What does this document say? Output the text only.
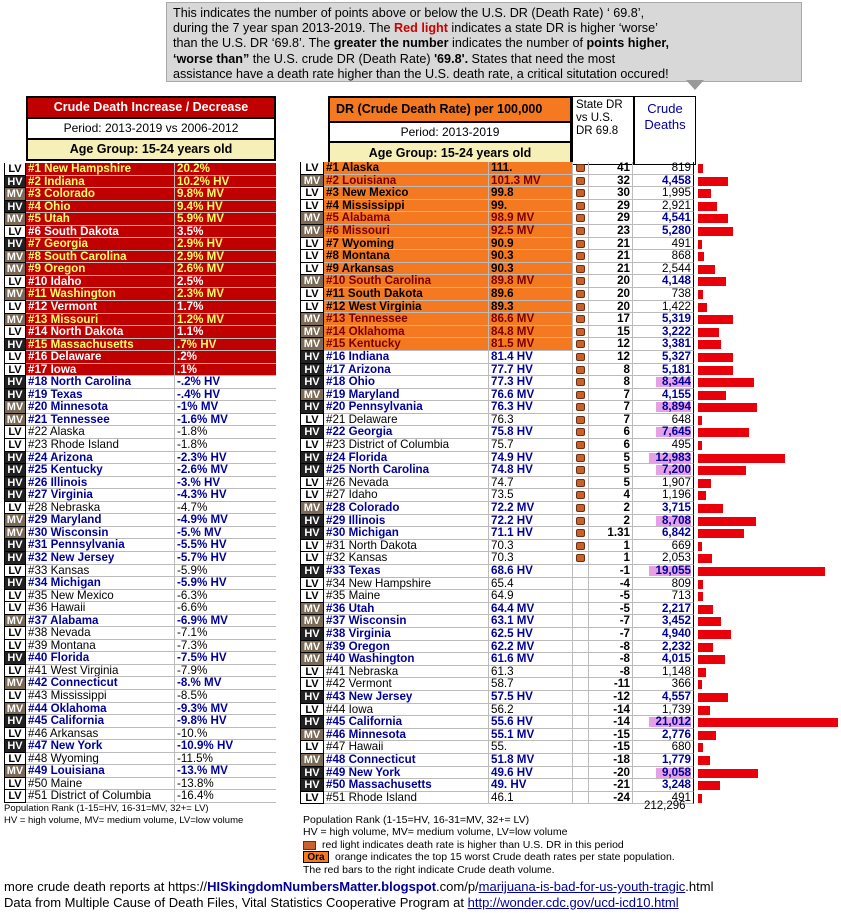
This indicates the number of points above or below the U.S. DR (Death Rate) ‘ 69.8’,
during the 7 year span 2013-2019. The Red light indicates a state DR is higher ‘worse’
than the U.S. DR ‘69.8’. The greater the number indicates the number of points higher,
‘worse than” the U.S. crude DR (Death Rate) '69.8'. States that need the most
assistance have a death rate higher than the U.S. death rate, a critical situtation occured!
Crude Death Increase / Decrease
Period: 2013-2019 vs 2006-2012
Age Group: 15-24 years old
LV #1 New Hampshire	20.2%
HV #2 Indiana	10.2% HV
MV #3 Colorado	9.8% MV
HV #4 Ohio	9.4% HV
MV #5 Utah	5.9% MV
LV #6 South Dakota	3.5%
HV #7 Georgia	2.9% HV
MV #8 South Carolina	2.9% MV
MV #9 Oregon	2.6% MV
LV #10 Idaho	2.5%
MV #11 Washington	2.3% MV
LV #12 Vermont	1.7%
MV #13 Missouri	1.2% MV
LV #14 North Dakota	1.1%
HV #15 Massachusetts	.7% HV
LV #16 Delaware	.2%
LV #17 Iowa	.1%
HV #18 North Carolina	-.2% HV
HV #19 Texas	-.4% HV
MV #20 Minnesota	-1% MV
MV #21 Tennessee	-1.6% MV
LV #22 Alaska	-1.8%
LV #23 Rhode Island	-1.8%
HV #24 Arizona	-2.3% HV
HV #25 Kentucky	-2.6% MV
HV #26 Illinois	-3.% HV
HV #27 Virginia	-4.3% HV
LV #28 Nebraska	-4.7%
MV #29 Maryland	-4.9% MV
MV #30 Wisconsin	-5.% MV
HV #31 Pennsylvania	-5.5% HV
HV #32 New Jersey	-5.7% HV
LV #33 Kansas	-5.9%
HV #34 Michigan	-5.9% HV
LV #35 New Mexico	-6.3%
LV #36 Hawaii	-6.6%
MV #37 Alabama	-6.9% MV
LV #38 Nevada	-7.1%
LV #39 Montana	-7.3%
HV #40 Florida	-7.5% HV
LV #41 West Virginia	-7.9%
MV #42 Connecticut	-8.% MV
LV #43 Mississippi	-8.5%
MV #44 Oklahoma	-9.3% MV
HV #45 California	-9.8% HV
LV #46 Arkansas	-10.%
HV #47 New York	-10.9% HV
LV #48 Wyoming	-11.5%
MV #49 Louisiana	-13.% MV
LV #50 Maine	-13.8%
LV #51 District of Columbia	-16.4%
Population Rank (1-15=HV, 16-31=MV, 32+= LV)
HV = high volume, MV= medium volume, LV=low volume
DR (Crude Death Rate) per 100,000
Period: 2013-2019
Age Group: 15-24 years old
State DR vs U.S. DR 69.8
Crude Deaths
LV #1 Alaska	111.	41	819
MV #2 Louisiana	101.3 MV	32	4,458
LV #3 New Mexico	99.8	30	1,995
LV #4 Mississippi	99.	29	2,921
MV #5 Alabama	98.9 MV	29	4,541
MV #6 Missouri	92.5 MV	23	5,280
LV #7 Wyoming	90.9	21	491
LV #8 Montana	90.3	21	868
LV #9 Arkansas	90.3	21	2,544
MV #10 South Carolina	89.8 MV	20	4,148
LV #11 South Dakota	89.6	20	738
LV #12 West Virginia	89.3	20	1,422
MV #13 Tennessee	86.6 MV	17	5,319
MV #14 Oklahoma	84.8 MV	15	3,222
MV #15 Kentucky	81.5 MV	12	3,381
HV #16 Indiana	81.4 HV	12	5,327
HV #17 Arizona	77.7 HV	8	5,181
HV #18 Ohio	77.3 HV	8	8,344
MV #19 Maryland	76.6 MV	7	4,155
HV #20 Pennsylvania	76.3 HV	7	8,894
LV #21 Delaware	76.3	7	648
HV #22 Georgia	75.8 HV	6	7,645
LV #23 District of Columbia	75.7	6	495
HV #24 Florida	74.9 HV	5	12,983
HV #25 North Carolina	74.8 HV	5	7,200
LV #26 Nevada	74.7	5	1,907
LV #27 Idaho	73.5	4	1,196
MV #28 Colorado	72.2 MV	2	3,715
HV #29 Illinois	72.2 HV	2	8,708
HV #30 Michigan	71.1 HV	1.31	6,842
LV #31 North Dakota	70.3	1	669
LV #32 Kansas	70.3	1	2,053
HV #33 Texas	68.6 HV	-1	19,055
LV #34 New Hampshire	65.4	-4	809
LV #35 Maine	64.9	-5	713
MV #36 Utah	64.4 MV	-5	2,217
MV #37 Wisconsin	63.1 MV	-7	3,452
HV #38 Virginia	62.5 HV	-7	4,940
MV #39 Oregon	62.2 MV	-8	2,232
MV #40 Washington	61.6 MV	-8	4,015
LV #41 Nebraska	61.3	-8	1,148
LV #42 Vermont	58.7	-11	366
HV #43 New Jersey	57.5 HV	-12	4,557
LV #44 Iowa	56.2	-14	1,739
HV #45 California	55.6 HV	-14	21,012
MV #46 Minnesota	55.1 MV	-15	2,776
LV #47 Hawaii	55.	-15	680
MV #48 Connecticut	51.8 MV	-18	1,779
HV #49 New York	49.6 HV	-20	9,058
HV #50 Massachusetts	49. HV	-21	3,248
LV #51 Rhode Island	46.1	-24	491
212,296
Population Rank (1-15=HV, 16-31=MV, 32+= LV)
HV = high volume, MV= medium volume, LV=low volume
red light indicates death rate is higher than U.S. DR in this period
Ora orange indicates the top 15 worst Crude death rates per state population.
The red bars to the right indicate Crude death volume.
more crude death reports at https://HISkingdomNumbersMatter.blogspot.com/p/marijuana-is-bad-for-us-youth-tragic.html
Data from Multiple Cause of Death Files, Vital Statistics Cooperative Program at http://wonder.cdc.gov/ucd-icd10.html
